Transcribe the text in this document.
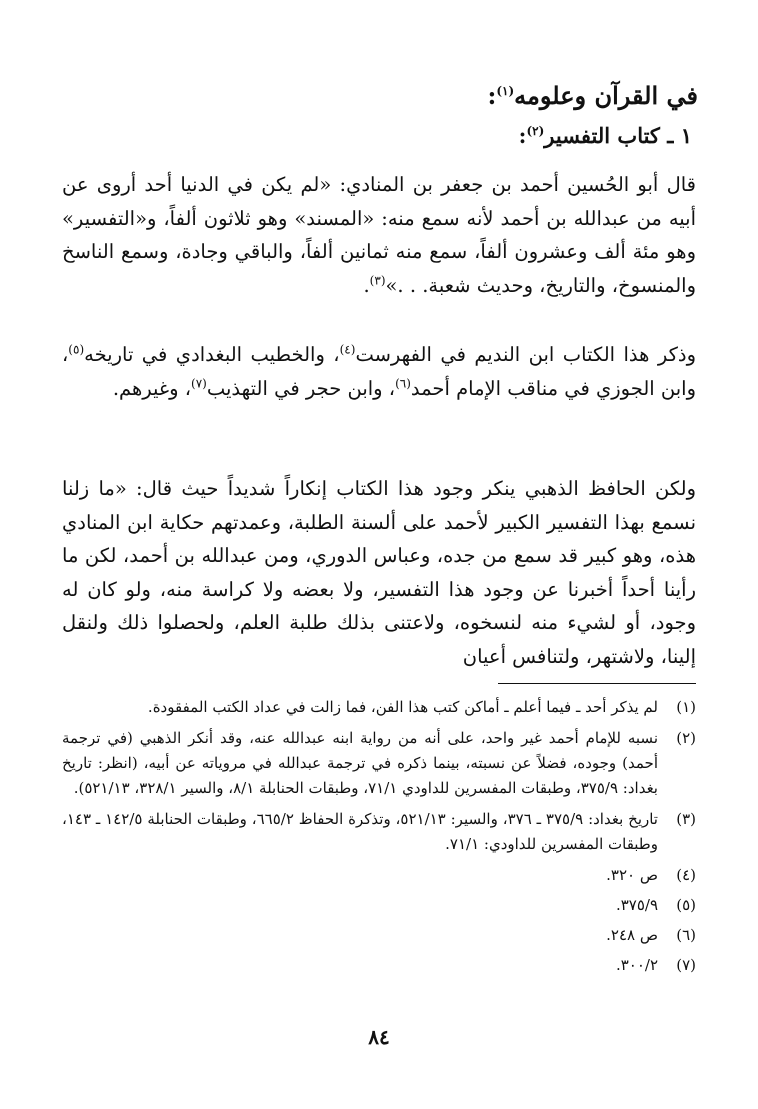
في القرآن وعلومه$^{(١)}$:
١ ـ كتاب التفسير$^{(٢)}$:

قال أبو الحُسين أحمد بن جعفر بن المنادي: «لم يكن في الدنيا أحد أروى عن أبيه من عبدالله بن أحمد لأنه سمع منه: «المسند» وهو ثلاثون ألفاً، و«التفسير» وهو مئة ألف وعشرون ألفاً، سمع منه ثمانين ألفاً، والباقي وجادة، وسمع الناسخ والمنسوخ، والتاريخ، وحديث شعبة. . .»$^{(٣)}$.

وذكر هذا الكتاب ابن النديم في الفهرست$^{(٤)}$، والخطيب البغدادي في تاريخه$^{(٥)}$، وابن الجوزي في مناقب الإمام أحمد$^{(٦)}$، وابن حجر في التهذيب$^{(٧)}$، وغيرهم.

ولكن الحافظ الذهبي ينكر وجود هذا الكتاب إنكاراً شديداً حيث قال: «ما زلنا نسمع بهذا التفسير الكبير لأحمد على ألسنة الطلبة، وعمدتهم حكاية ابن المنادي هذه، وهو كبير قد سمع من جده، وعباس الدوري، ومن عبدالله بن أحمد، لكن ما رأينا أحداً أخبرنا عن وجود هذا التفسير، ولا بعضه ولا كراسة منه، ولو كان له وجود، أو لشيء منه لنسخوه، ولاعتنى بذلك طلبة العلم، ولحصلوا ذلك ولنقل إلينا، ولاشتهر، ولتنافس أعيان

(١)
لم يذكر أحد ـ فيما أعلم ـ أماكن كتب هذا الفن، فما زالت في عداد الكتب المفقودة.
(٢)
نسبه للإمام أحمد غير واحد، على أنه من رواية ابنه عبدالله عنه، وقد أنكر الذهبي (في ترجمة أحمد) وجوده، فضلاً عن نسبته، بينما ذكره في ترجمة عبدالله في مروياته عن أبيه، (انظر: تاريخ بغداد: ٣٧٥/٩، وطبقات المفسرين للداودي ٧١/١، وطبقات الحنابلة ٨/١، والسير ٣٢٨/١، ٥٢١/١٣).
(٣)
تاريخ بغداد: ٣٧٥/٩ ـ ٣٧٦، والسير: ٥٢١/١٣، وتذكرة الحفاظ ٦٦٥/٢، وطبقات الحنابلة ١٤٢/٥ ـ ١٤٣، وطبقات المفسرين للداودي: ٧١/١.
(٤)
ص ٣٢٠.
(٥)
٣٧٥/٩.
(٦)
ص ٢٤٨.
(٧)
٣٠٠/٢.

٨٤
